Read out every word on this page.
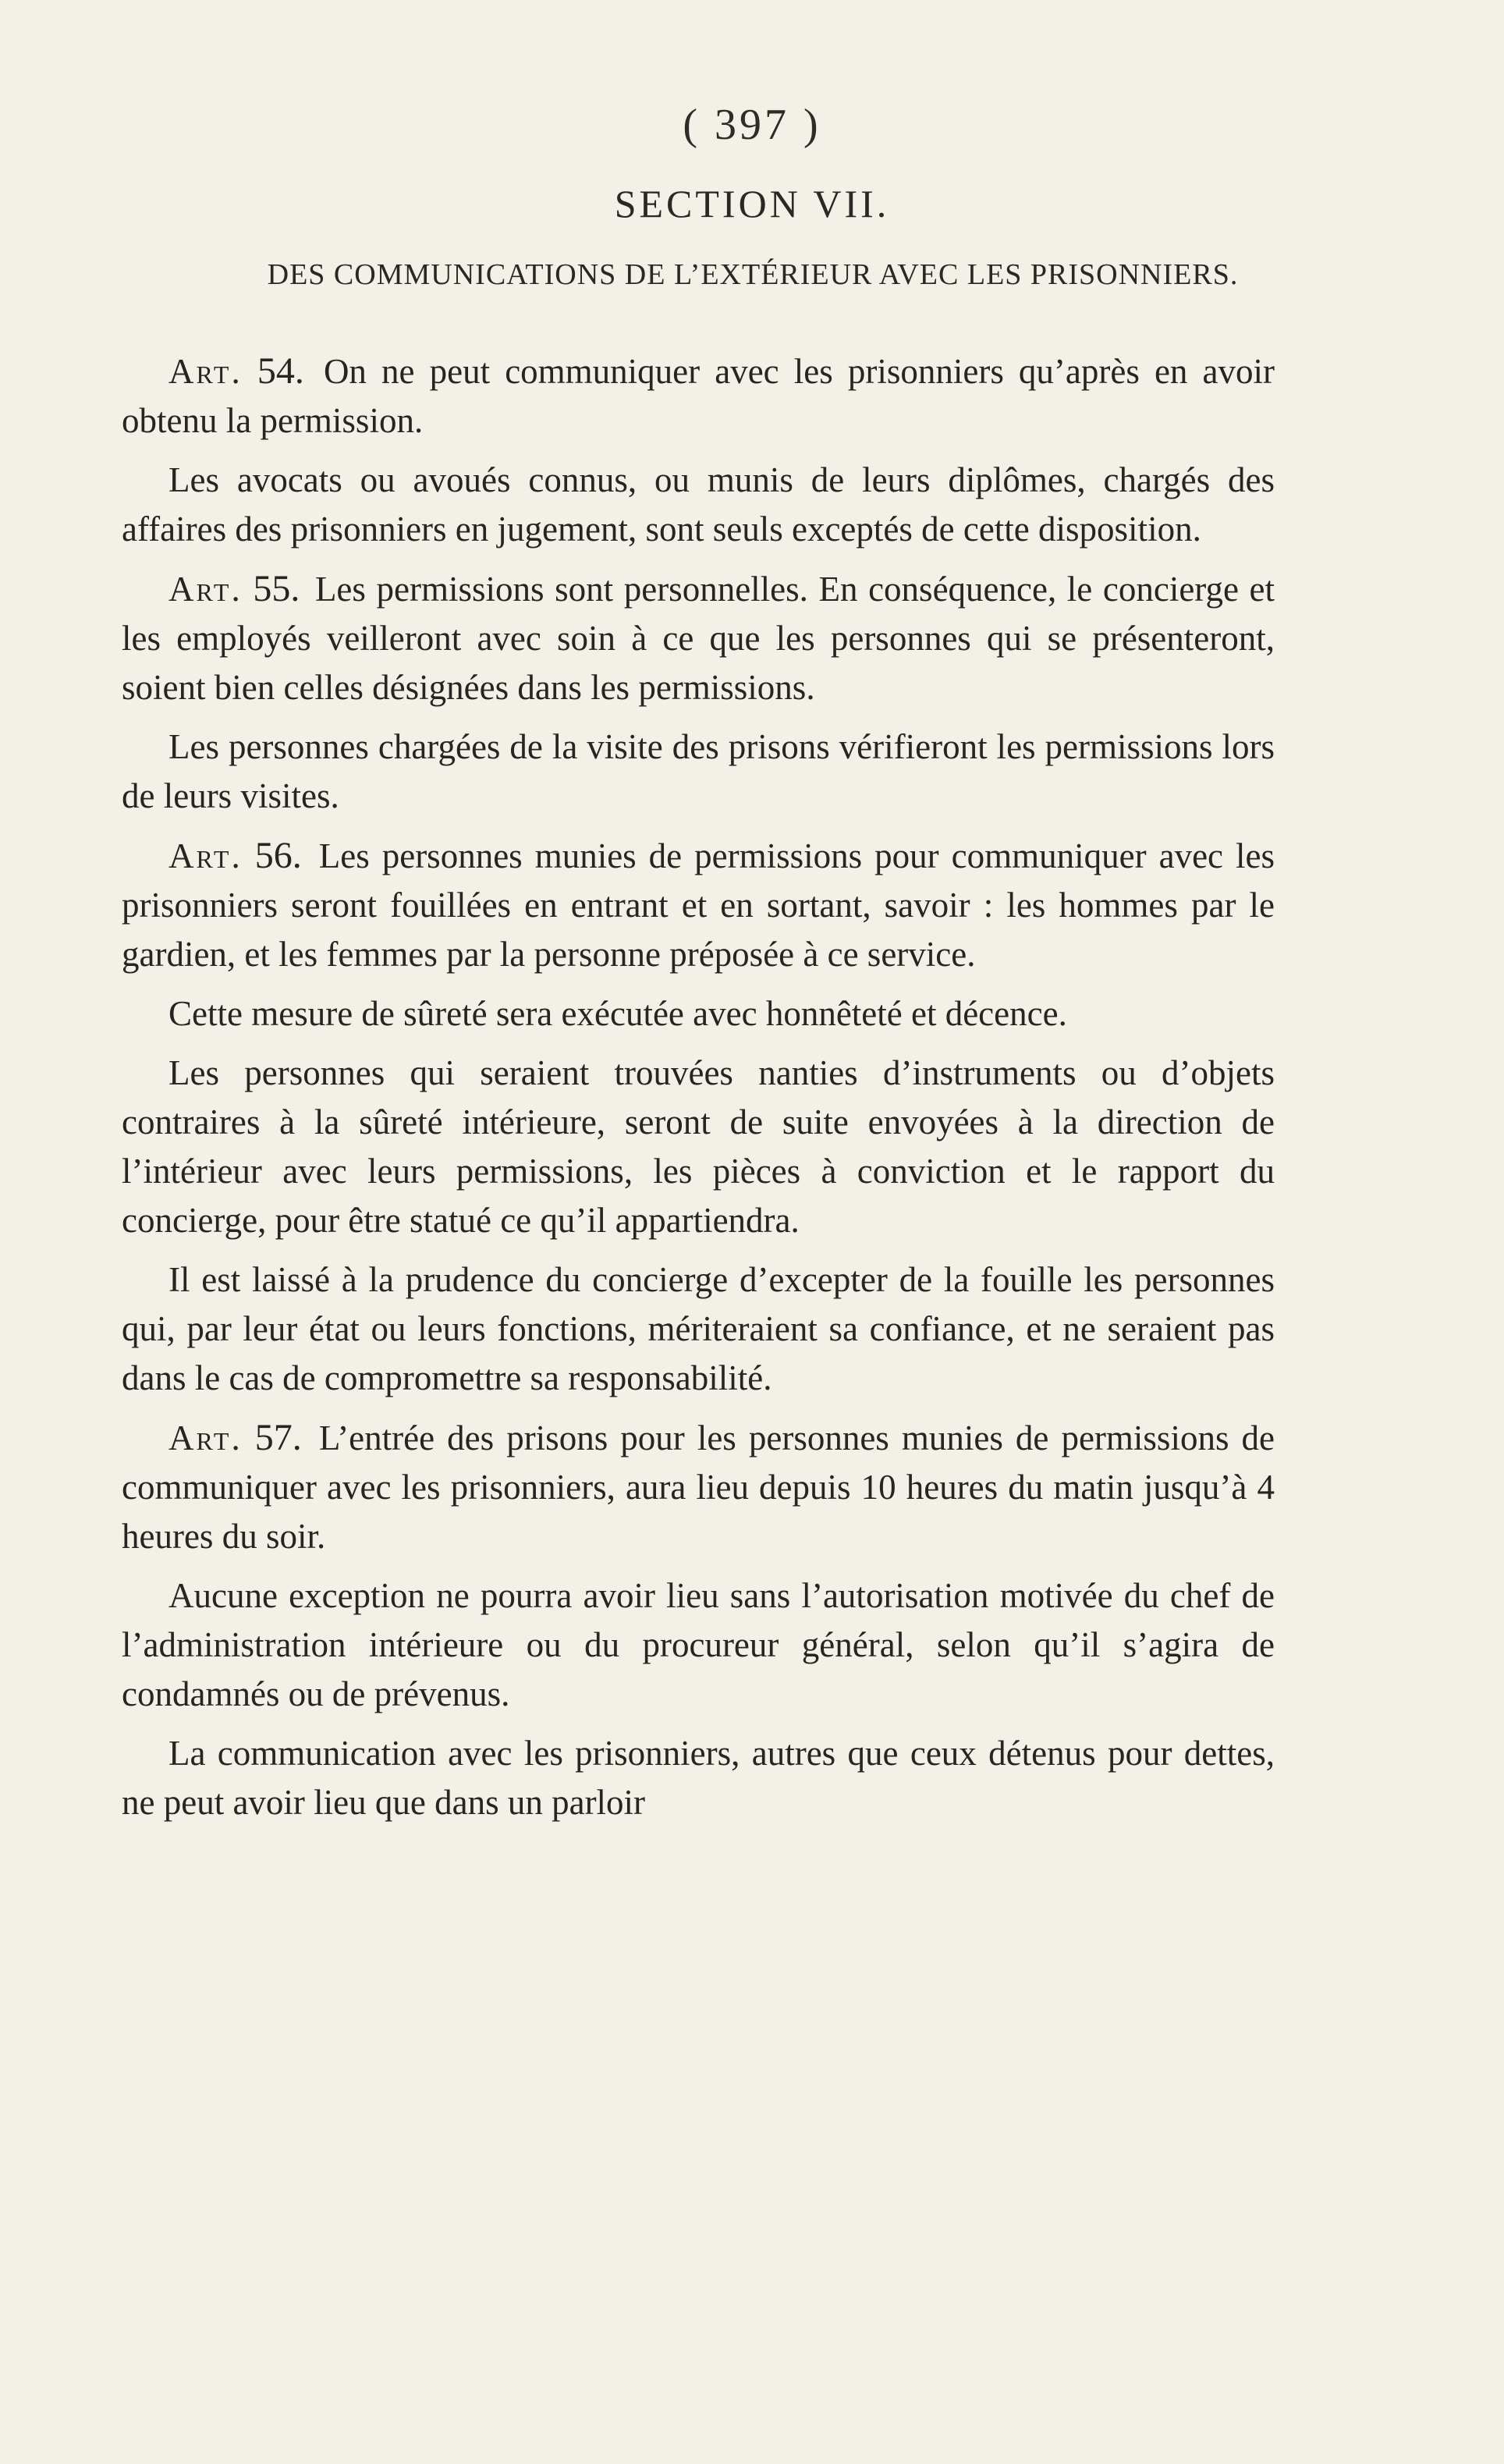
( 397 )
SECTION VII.
DES COMMUNICATIONS DE L’EXTÉRIEUR AVEC LES PRISONNIERS.

Art. 54. On ne peut communiquer avec les prisonniers qu’après en avoir obtenu la permission.

Les avocats ou avoués connus, ou munis de leurs diplômes, chargés des affaires des prisonniers en jugement, sont seuls exceptés de cette disposition.

Art. 55. Les permissions sont personnelles. En conséquence, le concierge et les employés veilleront avec soin à ce que les personnes qui se présenteront, soient bien celles désignées dans les permissions.

Les personnes chargées de la visite des prisons vérifieront les permissions lors de leurs visites.

Art. 56. Les personnes munies de permissions pour communiquer avec les prisonniers seront fouillées en entrant et en sortant, savoir : les hommes par le gardien, et les femmes par la personne préposée à ce service.

Cette mesure de sûreté sera exécutée avec honnêteté et décence.

Les personnes qui seraient trouvées nanties d’instruments ou d’objets contraires à la sûreté intérieure, seront de suite envoyées à la direction de l’intérieur avec leurs permissions, les pièces à conviction et le rapport du concierge, pour être statué ce qu’il appartiendra.

Il est laissé à la prudence du concierge d’excepter de la fouille les personnes qui, par leur état ou leurs fonctions, mériteraient sa confiance, et ne seraient pas dans le cas de compromettre sa responsabilité.

Art. 57. L’entrée des prisons pour les personnes munies de permissions de communiquer avec les prisonniers, aura lieu depuis 10 heures du matin jusqu’à 4 heures du soir.

Aucune exception ne pourra avoir lieu sans l’autorisation motivée du chef de l’administration intérieure ou du procureur général, selon qu’il s’agira de condamnés ou de prévenus.

La communication avec les prisonniers, autres que ceux détenus pour dettes, ne peut avoir lieu que dans un parloir
